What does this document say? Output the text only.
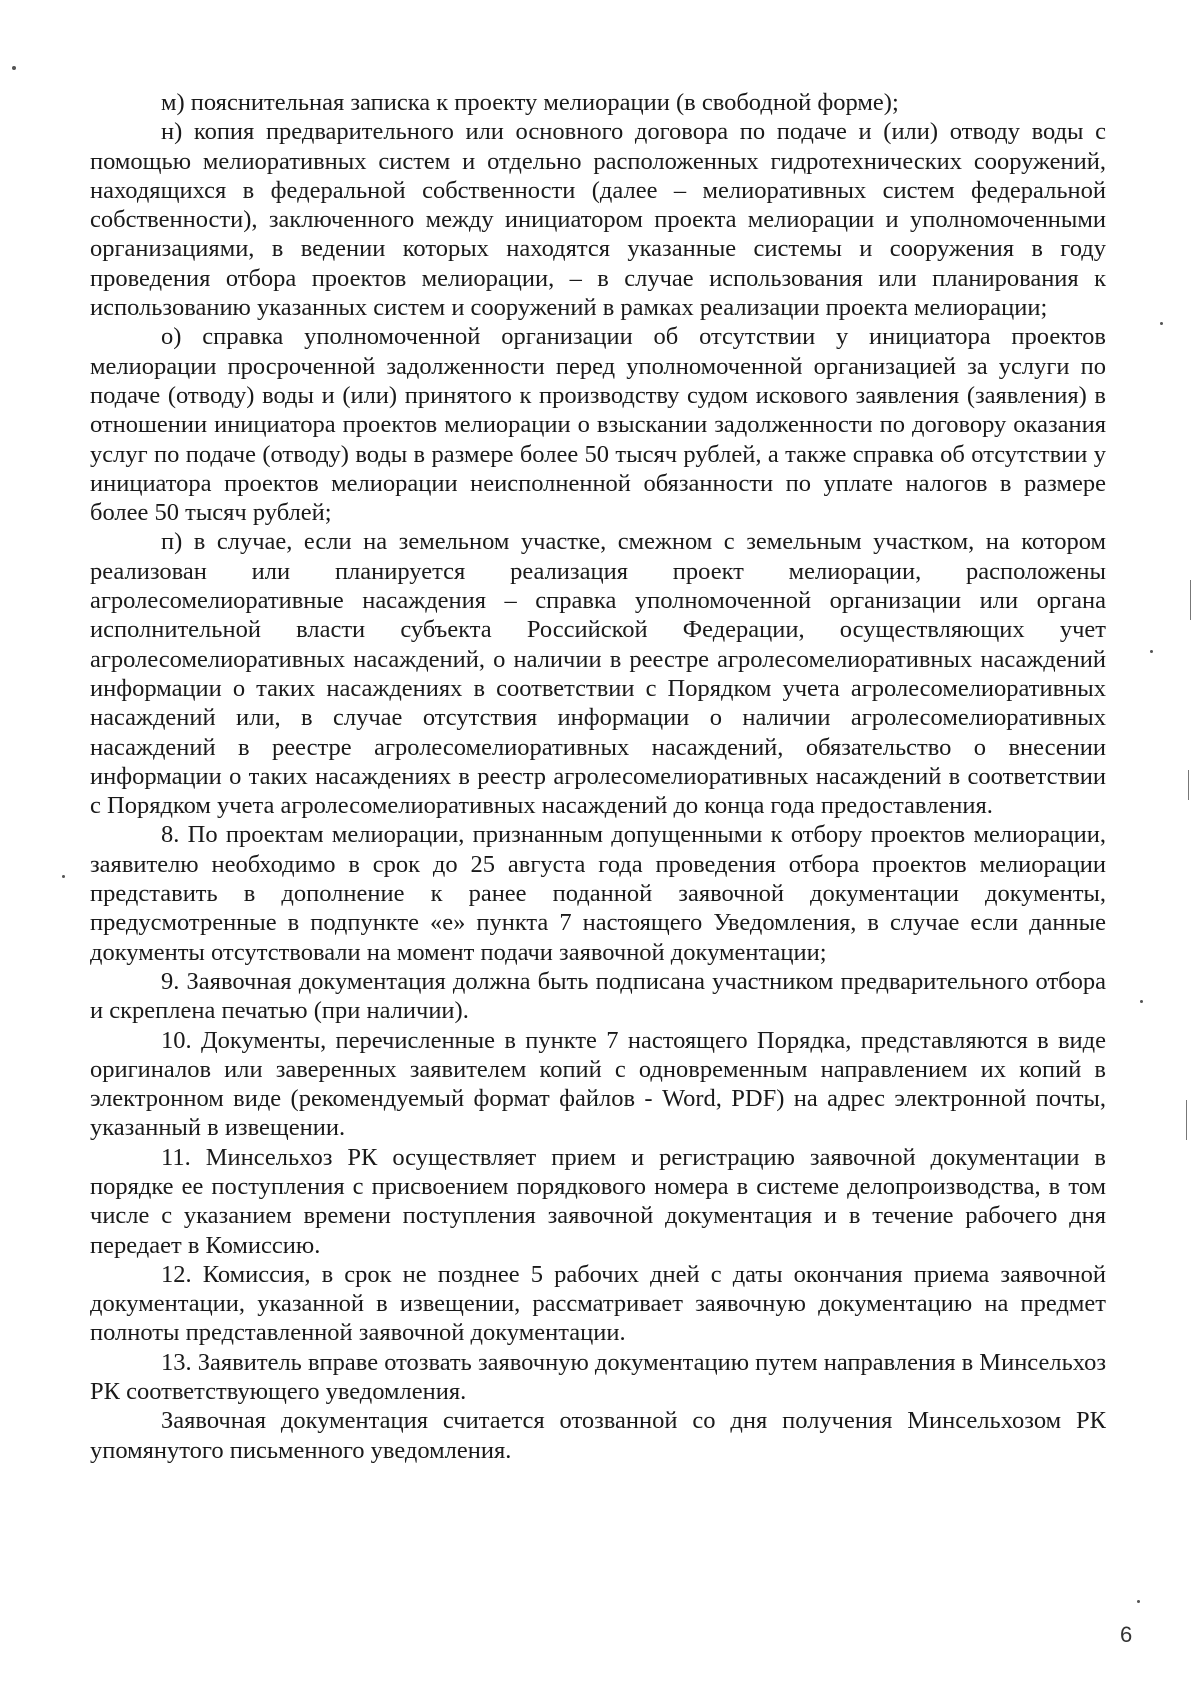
м) пояснительная записка к проекту мелиорации (в свободной форме);

н) копия предварительного или основного договора по подаче и (или) отводу воды с помощью мелиоративных систем и отдельно расположенных гидротехнических сооружений, находящихся в федеральной собственности (далее – мелиоративных систем федеральной собственности), заключенного между инициатором проекта мелиорации и уполномоченными организациями, в ведении которых находятся указанные системы и сооружения в году проведения отбора проектов мелиорации, – в случае использования или планирования к использованию указанных систем и сооружений в рамках реализации проекта мелиорации;

о) справка уполномоченной организации об отсутствии у инициатора проектов мелиорации просроченной задолженности перед уполномоченной организацией за услуги по подаче (отводу) воды и (или) принятого к производству судом искового заявления (заявления) в отношении инициатора проектов мелиорации о взыскании задолженности по договору оказания услуг по подаче (отводу) воды в размере более 50 тысяч рублей, а также справка об отсутствии у инициатора проектов мелиорации неисполненной обязанности по уплате налогов в размере более 50 тысяч рублей;

п) в случае, если на земельном участке, смежном с земельным участком, на котором реализован или планируется реализация проект мелиорации, расположены агролесомелиоративные насаждения – справка уполномоченной организации или органа исполнительной власти субъекта Российской Федерации, осуществляющих учет агролесомелиоративных насаждений, о наличии в реестре агролесомелиоративных насаждений информации о таких насаждениях в соответствии с Порядком учета агролесомелиоративных насаждений или, в случае отсутствия информации о наличии агролесомелиоративных насаждений в реестре агролесомелиоративных насаждений, обязательство о внесении информации о таких насаждениях в реестр агролесомелиоративных насаждений в соответствии с Порядком учета агролесомелиоративных насаждений до конца года предоставления.

8. По проектам мелиорации, признанным допущенными к отбору проектов мелиорации, заявителю необходимо в срок до 25 августа года проведения отбора проектов мелиорации представить в дополнение к ранее поданной заявочной документации документы, предусмотренные в подпункте «е» пункта 7 настоящего Уведомления, в случае если данные документы отсутствовали на момент подачи заявочной документации;

9. Заявочная документация должна быть подписана участником предварительного отбора и скреплена печатью (при наличии).

10. Документы, перечисленные в пункте 7 настоящего Порядка, представляются в виде оригиналов или заверенных заявителем копий с одновременным направлением их копий в электронном виде (рекомендуемый формат файлов - Word, PDF) на адрес электронной почты, указанный в извещении.

11. Минсельхоз РК осуществляет прием и регистрацию заявочной документации в порядке ее поступления с присвоением порядкового номера в системе делопроизводства, в том числе с указанием времени поступления заявочной документация и в течение рабочего дня передает в Комиссию.

12. Комиссия, в срок не позднее 5 рабочих дней с даты окончания приема заявочной документации, указанной в извещении, рассматривает заявочную документацию на предмет полноты представленной заявочной документации.

13. Заявитель вправе отозвать заявочную документацию путем направления в Минсельхоз РК соответствующего уведомления.

Заявочная документация считается отозванной со дня получения Минсельхозом РК упомянутого письменного уведомления.

6
